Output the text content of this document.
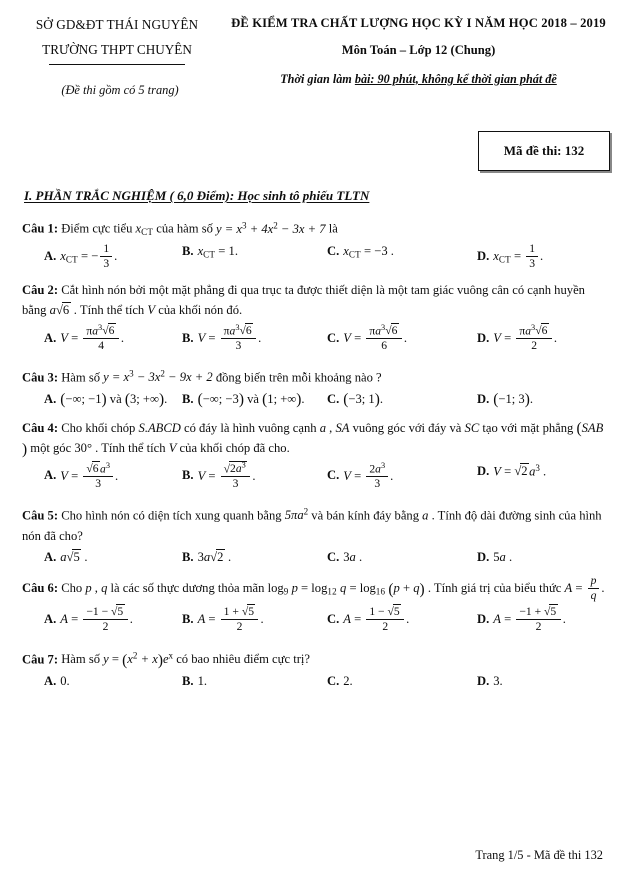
SỞ GD&ĐT THÁI NGUYÊN
TRƯỜNG THPT CHUYÊN
(Đề thi gồm có 5 trang)
ĐỀ KIỂM TRA CHẤT LƯỢNG HỌC KỲ I NĂM HỌC 2018 – 2019
Môn Toán – Lớp 12 (Chung)
Thời gian làm bài: 90 phút, không kể thời gian phát đề
Mã đề thi: 132
I. PHẦN TRẮC NGHIỆM ( 6,0 Điểm): Học sinh tô phiếu TLTN
Câu 1: Điểm cực tiểu $x_{CT}$ của hàm số $y = x^3 + 4x^2 - 3x + 7$ là
A. $x_{CT}$ = − $\frac{1}{3}$ .	B. $x_{CT} = 1$.	C. $x_{CT} = -3$ .	D. $x_{CT} = \frac{1}{3}$ .
Câu 2: Cắt hình nón bởi một mặt phẳng đi qua trục ta được thiết diện là một tam giác vuông cân có cạnh huyền bằng a√6 . Tính thể tích V của khối nón đó.
A. $V = \frac{\pi a^3√6}{4}$ .	B. $V = \frac{\pi a^3√6}{3}$ .	C. $V = \frac{\pi a^3√6}{6}$ .	D. $V = \frac{\pi a^3√6}{2}$ .
Câu 3: Hàm số $y = x^3 - 3x^2 - 9x + 2$ đồng biến trên mỗi khoảng nào ?
A. (−∞; −1) và (3; +∞). B. (−∞; −3) và (1; +∞). C. (−3; 1).	D. (−1; 3).
Câu 4: Cho khối chóp S.ABCD có đáy là hình vuông cạnh a , SA vuông góc với đáy và SC tạo với mặt phẳng (SAB) một góc 30° . Tính thể tích V của khối chóp đã cho.
A. $V = \frac{√6 a^3}{3}$ .	B. $V = \frac{√2a^3}{3}$ .	C. $V = \frac{2a^3}{3}$ .	D. V = √2 $a^3$ .
Câu 5: Cho hình nón có diện tích xung quanh bằng $5\pi a^2$ và bán kính đáy bằng a . Tính độ dài đường sinh của hình nón đã cho?
A. a√5 .	B. 3a√2 .	C. 3a .	D. 5a .
Câu 6: Cho p , q là các số thực dương thỏa mãn $\log_9 p = \log_{12} q = \log_{16} (p + q)$ . Tính giá trị của biểu thức $A = \frac{p}{q}$ .
A. $A = \frac{-1 - √5}{2}$ .	B. $A = \frac{1 + √5}{2}$ .	C. $A = \frac{1 - √5}{2}$ .	D. $A = \frac{-1 + √5}{2}$ .
Câu 7: Hàm số $y = (x^2 + x)e^x$ có bao nhiêu điểm cực trị?
A. 0.	B. 1.	C. 2.	D. 3.
Trang 1/5 - Mã đề thi 132
